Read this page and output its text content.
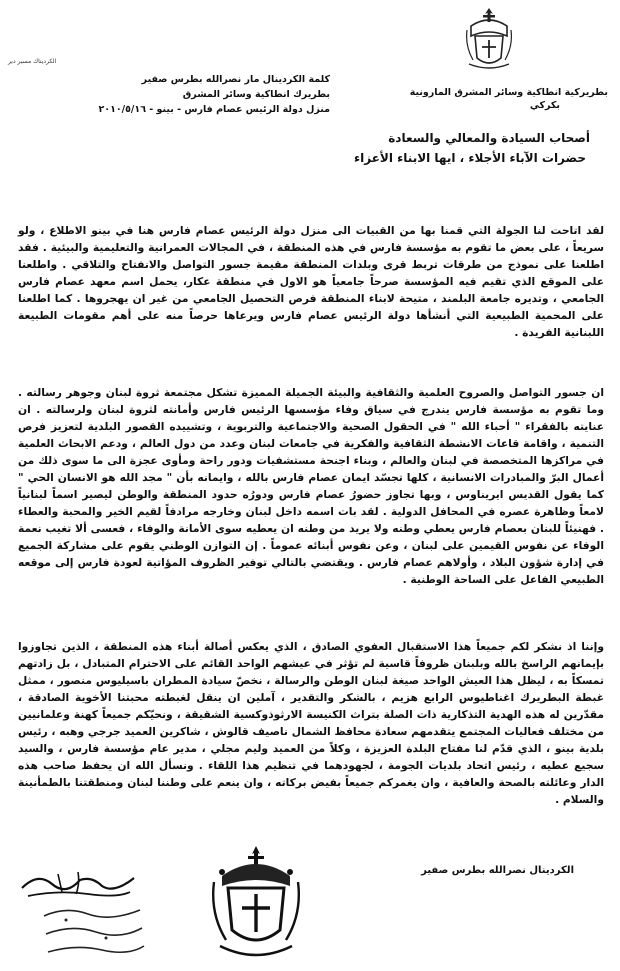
الكرديناك مسير دير
كلمة الكردينال مار نصرالله بطرس صفير
بطريرك انطاكية وسائر المشرق
منزل دولة الرئيس عصام فارس - بينو - ٢٠١٠/٥/١٦
بطريركية انطاكية وسائر المشرق المارونية
بكركي
أصحاب السيادة والمعالي والسعادة
حضرات الآباء الأجلاء ، ايها الابناء الأعزاء

لقد اتاحت لنا الجولة التي قمنا بها من القبيات الى منزل دولة الرئيس عصام فارس هنا في بينو الاطلاع ، ولو سريعاً ، على بعض ما تقوم به مؤسسة فارس في هذه المنطقة ، في المجالات العمرانية والتعليمية والبيئية . فقد اطلعنا على نموذج من طرقات تربط قرى وبلدات المنطقة مقيمة جسور التواصل والانفتاح والتلاقي . واطلعنا على الموقع الذي تقيم فيه المؤسسة صرحاً جامعياً هو الاول في منطقة عكار، يحمل اسم معهد عصام فارس الجامعي ، وتديره جامعة البلمند ، متيحة لابناء المنطقة فرص التحصيل الجامعي من غير ان يهجروها . كما اطلعنا على المحمية الطبيعية التي أنشأها دولة الرئيس عصام فارس ويرعاها حرصاً منه على أهم مقومات الطبيعة اللبنانية الفريدة .

ان جسور التواصل والصروح العلمية والثقافية والبيئة الجميلة المميزة تشكل مجتمعة ثروة لبنان وجوهر رسالته . وما تقوم به مؤسسة فارس يندرج في سياق وفاء مؤسسها الرئيس فارس وأمانته لثروة لبنان ولرسالته . ان عنايته بالفقراء " أحباء الله " في الحقول الصحية والاجتماعية والتربوية ، وتشييده القصور البلدية لتعزيز فرص التنمية ، واقامة قاعات الانشطة الثقافية والفكرية في جامعات لبنان وعدد من دول العالم ، ودعم الابحاث العلمية في مراكزها المتخصصة في لبنان والعالم ، وبناء اجنحة مستشفيات ودور راحة ومأوى عجزة الى ما سوى ذلك من أعمال البرّ والمبادرات الانسانية ، كلها تجسّد ايمان عصام فارس بالله ، وايمانه بأن " مجد الله هو الانسان الحي " كما يقول القديس ايريناوس ، وبها تجاوز حضورُ عصام فارس ودورُه حدود المنطقة والوطن ليصير اسماً لبنانياً لامعاً وظاهرة عصره في المحافل الدولية . لقد بات اسمه داخل لبنان وخارجه مرادفاً لقيم الخير والمحبة والعطاء . فهنيئاً للبنان بعصام فارس يعطي وطنه ولا يريد من وطنه ان يعطيه سوى الأمانة والوفاء ، فعسى ألا تغيب نعمة الوفاء عن نفوس القيمين على لبنان ، وعن نفوس أبنائه عموماً . إن التوازن الوطني يقوم على مشاركة الجميع في إدارة شؤون البلاد ، وأولاهم عصام فارس . ويقتضي بالتالي توفير الظروف المؤاتية لعودة فارس إلى موقعه الطبيعي الفاعل على الساحة الوطنية .

وإننا اذ نشكر لكم جميعاً هذا الاستقبال العفوي الصادق ، الذي يعكس أصالة أبناء هذه المنطقة ، الذين تجاوزوا بإيمانهم الراسخ بالله وبلبنان ظروفاً قاسية لم تؤثر في عيشهم الواحد القائم على الاحترام المتبادل ، بل زادتهم تمسكاً به ، ليظل هذا العيش الواحد صيغة لبنان الوطن والرسالة ، نخصّ سيادة المطران باسيليوس منصور ، ممثل غبطة البطريرك اغناطيوس الرابع هزيم ، بالشكر والتقدير ، آملين ان ينقل لغبطته محبتنا الأخوية الصادقة ، مقدّرين له هذه الهدية التذكارية ذات الصلة بتراث الكنيسة الارثوذوكسية الشقيقة ، ونحيّكم جميعاً كهنة وعلمانيين من مختلف فعاليات المجتمع يتقدمهم سعادة محافظ الشمال ناصيف قالوش ، شاكرين العميد جرجي وهبه ، رئيس بلدية بينو ، الذي قدّم لنا مفتاح البلدة العزيزة ، وكلاً من العميد وليم مجلي ، مدير عام مؤسسة فارس ، والسيد سجيع عطيه ، رئيس اتحاد بلديات الجومة ، لجهودهما في تنظيم هذا اللقاء . ونسأل الله ان يحفظ صاحب هذه الدار وعائلته بالصحة والعافية ، وان يغمركم جميعاً بفيض بركاته ، وان ينعم على وطننا لبنان ومنطقتنا بالطمأنينة والسلام .

الكردينال نصرالله بطرس صفير
